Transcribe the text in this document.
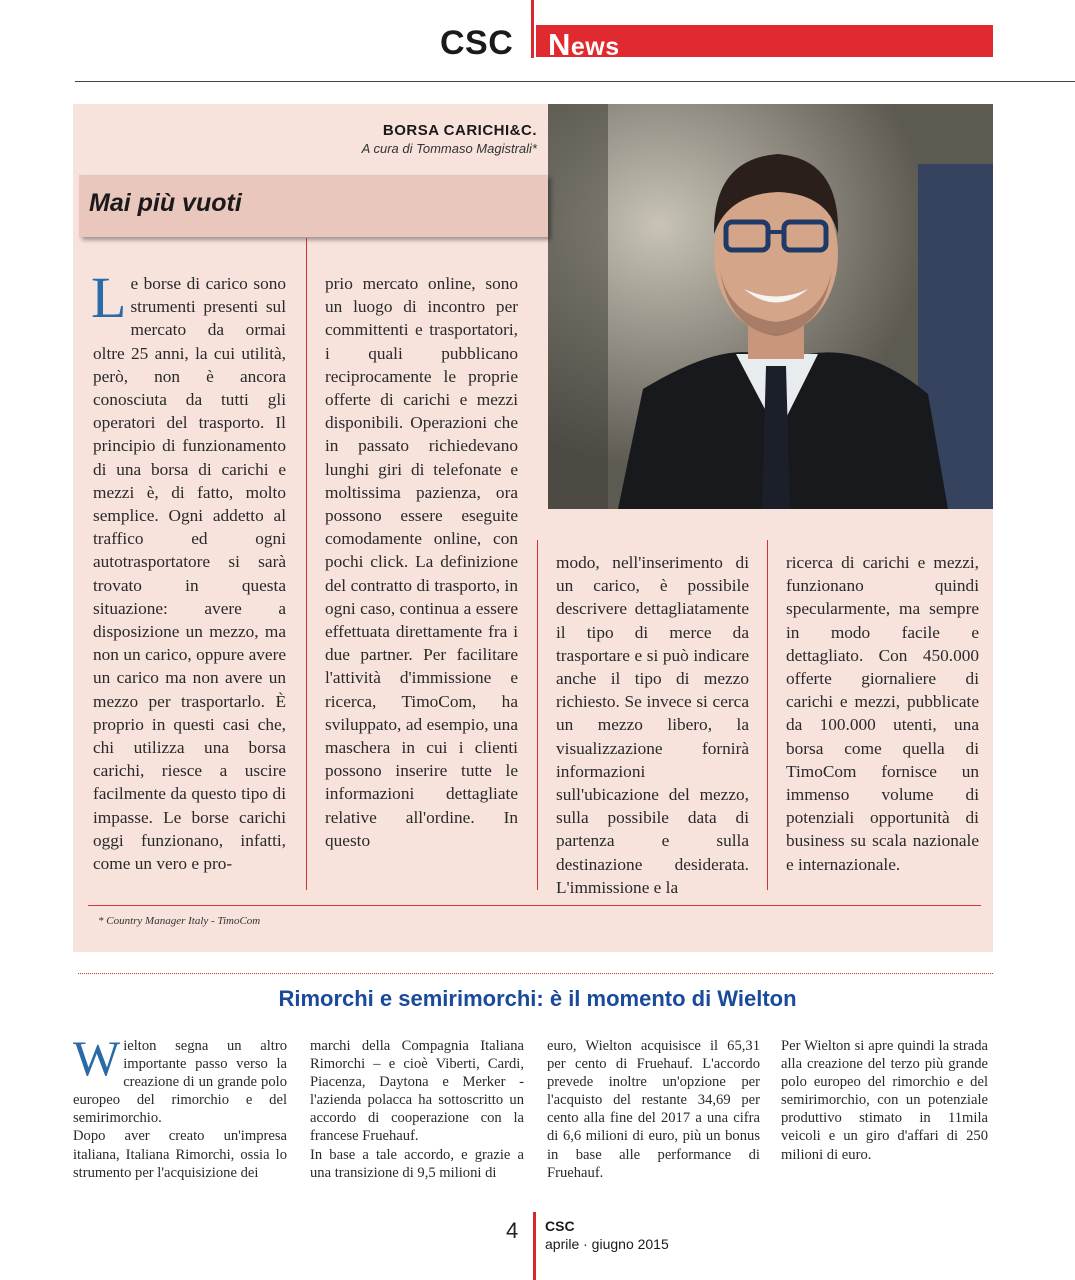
CSC News
BORSA CARICHI&C.
A cura di Tommaso Magistrali*
Mai più vuoti
Le borse di carico sono strumenti presenti sul mercato da ormai oltre 25 anni, la cui utilità, però, non è ancora conosciuta da tutti gli operatori del trasporto. Il principio di funzionamento di una borsa di carichi e mezzi è, di fatto, molto semplice. Ogni addetto al traffico ed ogni autotrasportatore si sarà trovato in questa situazione: avere a disposizione un mezzo, ma non un carico, oppure avere un carico ma non avere un mezzo per trasportarlo. È proprio in questi casi che, chi utilizza una borsa carichi, riesce a uscire facilmente da questo tipo di impasse. Le borse carichi oggi funzionano, infatti, come un vero e pro-
prio mercato online, sono un luogo di incontro per committenti e trasportatori, i quali pubblicano reciprocamente le proprie offerte di carichi e mezzi disponibili. Operazioni che in passato richiedevano lunghi giri di telefonate e moltissima pazienza, ora possono essere eseguite comodamente online, con pochi click. La definizione del contratto di trasporto, in ogni caso, continua a essere effettuata direttamente fra i due partner. Per facilitare l'attività d'immissione e ricerca, TimoCom, ha sviluppato, ad esempio, una maschera in cui i clienti possono inserire tutte le informazioni dettagliate relative all'ordine. In questo
modo, nell'inserimento di un carico, è possibile descrivere dettagliatamente il tipo di merce da trasportare e si può indicare anche il tipo di mezzo richiesto. Se invece si cerca un mezzo libero, la visualizzazione fornirà informazioni sull'ubicazione del mezzo, sulla possibile data di partenza e sulla destinazione desiderata. L'immissione e la
ricerca di carichi e mezzi, funzionano quindi specularmente, ma sempre in modo facile e dettagliato. Con 450.000 offerte giornaliere di carichi e mezzi, pubblicate da 100.000 utenti, una borsa come quella di TimoCom fornisce un immenso volume di potenziali opportunità di business su scala nazionale e internazionale.
* Country Manager Italy - TimoCom
Rimorchi e semirimorchi: è il momento di Wielton
Wielton segna un altro importante passo verso la creazione di un grande polo europeo del rimorchio e del semirimorchio.
Dopo aver creato un'impresa italiana, Italiana Rimorchi, ossia lo strumento per l'acquisizione dei
marchi della Compagnia Italiana Rimorchi – e cioè Viberti, Cardi, Piacenza, Daytona e Merker - l'azienda polacca ha sottoscritto un accordo di cooperazione con la francese Fruehauf.
In base a tale accordo, e grazie a una transizione di 9,5 milioni di
euro, Wielton acquisisce il 65,31 per cento di Fruehauf. L'accordo prevede inoltre un'opzione per l'acquisto del restante 34,69 per cento alla fine del 2017 a una cifra di 6,6 milioni di euro, più un bonus in base alle performance di Fruehauf.
Per Wielton si apre quindi la strada alla creazione del terzo più grande polo europeo del rimorchio e del semirimorchio, con un potenziale produttivo stimato in 11mila veicoli e un giro d'affari di 250 milioni di euro.
4 CSC
aprile · giugno 2015
